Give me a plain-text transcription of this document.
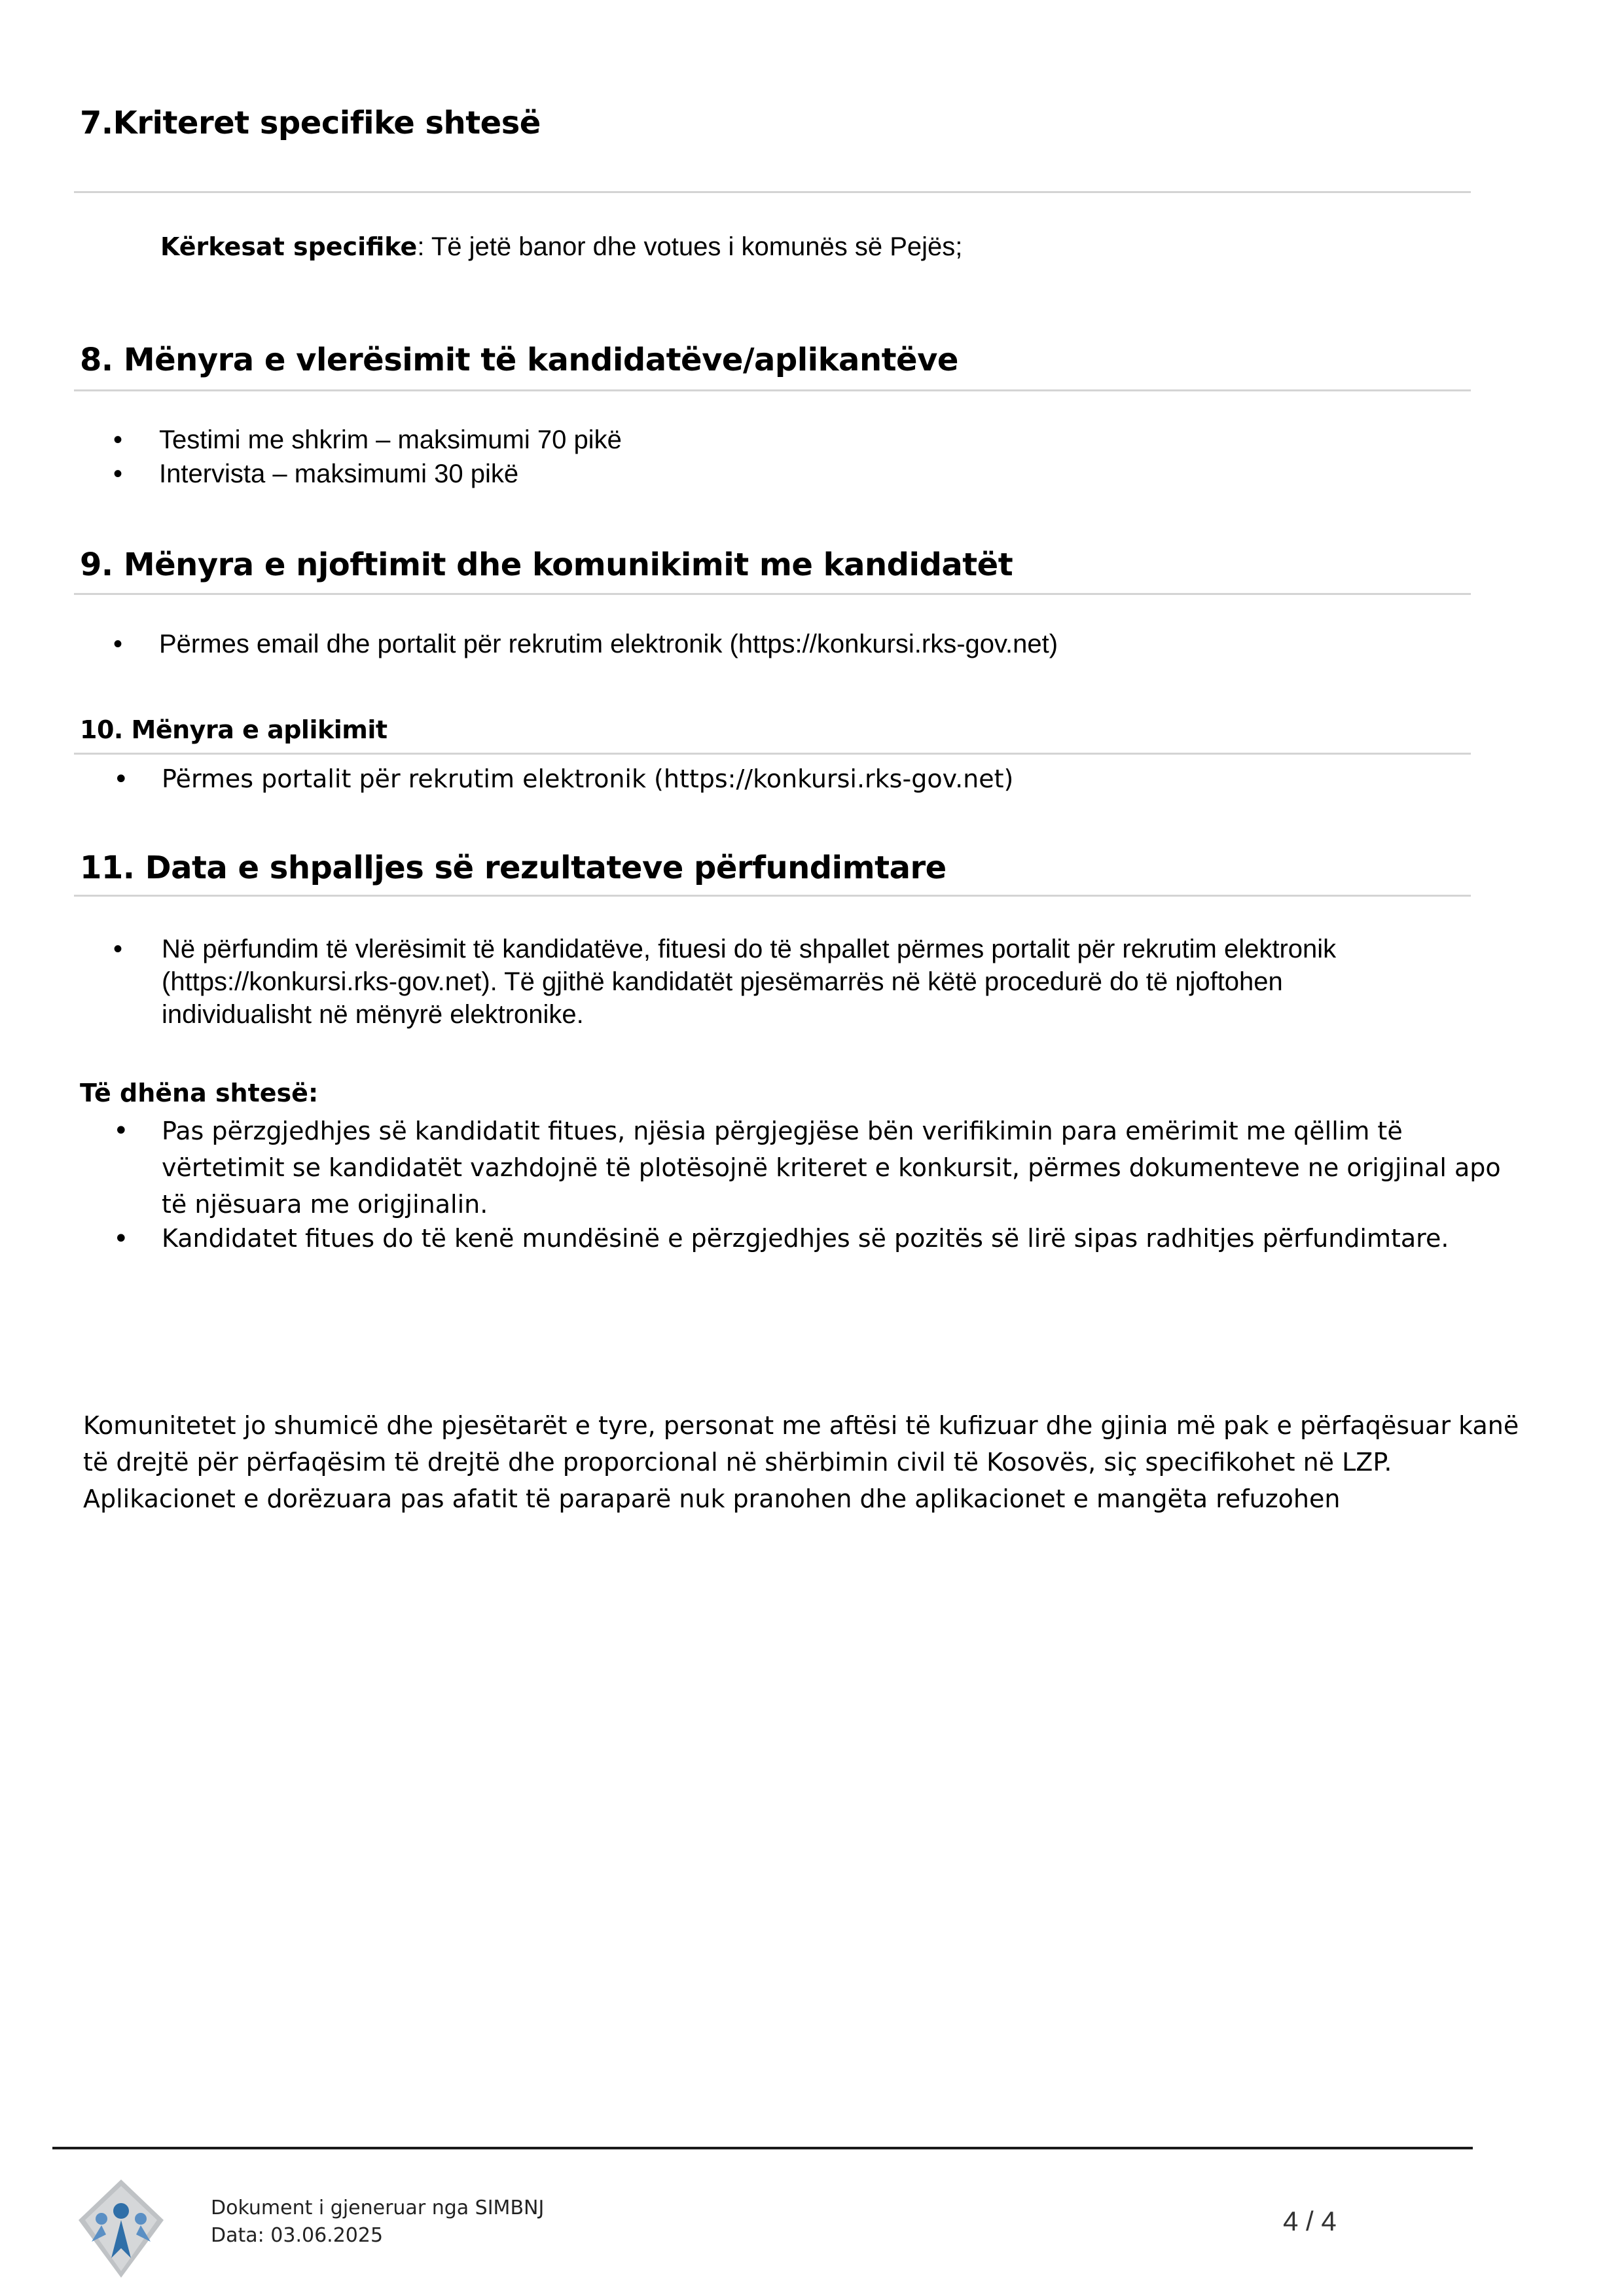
7.Kriteret specifike shtesë
Kërkesat specifike: Të jetë banor dhe votues i komunës së Pejës;
8. Mënyra e vlerësimit të kandidatëve/aplikantëve
• Testimi me shkrim – maksimumi 70 pikë
• Intervista – maksimumi 30 pikë
9. Mënyra e njoftimit dhe komunikimit me kandidatët
• Përmes email dhe portalit për rekrutim elektronik (https://konkursi.rks-gov.net)
10. Mënyra e aplikimit
• Përmes portalit për rekrutim elektronik (https://konkursi.rks-gov.net)
11. Data e shpalljes së rezultateve përfundimtare
• Në përfundim të vlerësimit të kandidatëve, fituesi do të shpallet përmes portalit për rekrutim elektronik
(https://konkursi.rks-gov.net). Të gjithë kandidatët pjesëmarrës në këtë procedurë do të njoftohen
individualisht në mënyrë elektronike.
Të dhëna shtesë:
• Pas përzgjedhjes së kandidatit fitues, njësia përgjegjëse bën verifikimin para emërimit me qëllim të
vërtetimit se kandidatët vazhdojnë të plotësojnë kriteret e konkursit, përmes dokumenteve ne origjinal apo
të njësuara me origjinalin.
• Kandidatet fitues do të kenë mundësinë e përzgjedhjes së pozitës së lirë sipas radhitjes përfundimtare.
Komunitetet jo shumicë dhe pjesëtarët e tyre, personat me aftësi të kufizuar dhe gjinia më pak e përfaqësuar kanë
të drejtë për përfaqësim të drejtë dhe proporcional në shërbimin civil të Kosovës, siç specifikohet në LZP.
Aplikacionet e dorëzuara pas afatit të paraparë nuk pranohen dhe aplikacionet e mangëta refuzohen
Dokument i gjeneruar nga SIMBNJ
Data: 03.06.2025	4 / 4
